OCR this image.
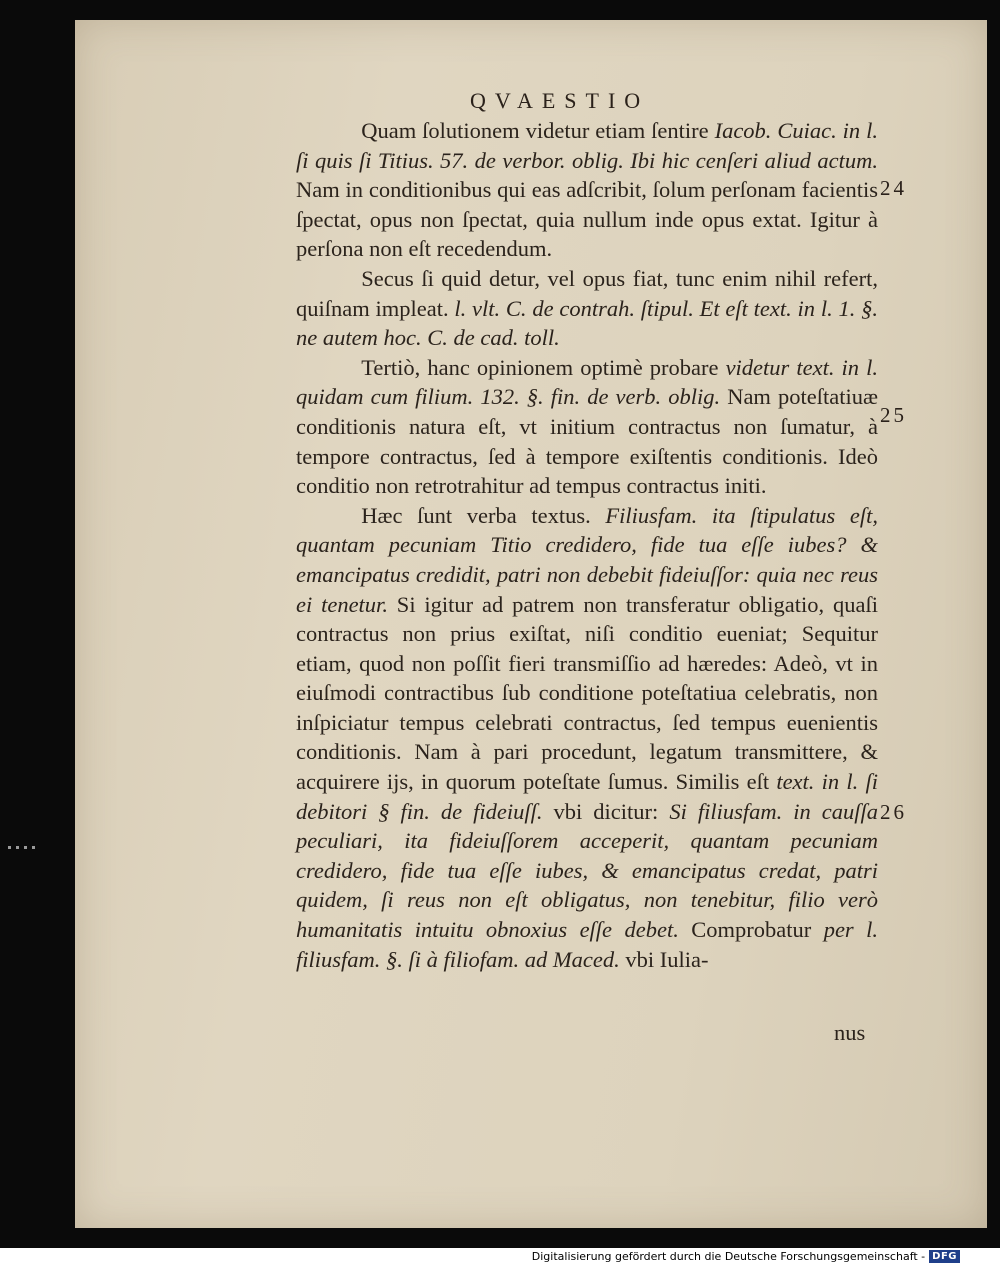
QVAESTIO

Quam ſolutionem videtur etiam ſentire Iacob. Cuiac. in l. ſi quis ſi Titius. 57. de verbor. oblig. Ibi hic cenſeri aliud actum. Nam in conditionibus qui eas adſcribit, ſolum perſonam facientis ſpectat, opus non ſpectat, quia nullum inde opus extat. Igitur à perſona non eſt recedendum.

Secus ſi quid detur, vel opus fiat, tunc enim nihil refert, quiſnam impleat. l. vlt. C. de contrah. ſtipul. Et eſt text. in l. 1. §. ne autem hoc. C. de cad. toll.

Tertiò, hanc opinionem optimè probare videtur text. in l. quidam cum filium. 132. §. fin. de verb. oblig. Nam poteſtatiuæ conditionis natura eſt, vt initium contractus non ſumatur, à tempore contractus, ſed à tempore exiſtentis conditionis. Ideò conditio non retrotrahitur ad tempus contractus initi.

Hæc ſunt verba textus. Filiusfam. ita ſtipulatus eſt, quantam pecuniam Titio credidero, fide tua eſſe iubes? & emancipatus credidit, patri non debebit fideiuſſor: quia nec reus ei tenetur. Si igitur ad patrem non transferatur obligatio, quaſi contractus non prius exiſtat, niſi conditio eueniat; Sequitur etiam, quod non poſſit fieri transmiſſio ad hæredes: Adeò, vt in eiuſmodi contractibus ſub conditione poteſtatiua celebratis, non inſpiciatur tempus celebrati contractus, ſed tempus euenientis conditionis. Nam à pari procedunt, legatum transmittere, & acquirere ijs, in quorum poteſtate ſumus. Similis eſt text. in l. ſi debitori § fin. de fideiuſſ. vbi dicitur: Si filiusfam. in cauſſa peculiari, ita fideiuſſorem acceperit, quantam pecuniam credidero, fide tua eſſe iubes, & emancipatus credat, patri quidem, ſi reus non eſt obligatus, non tenebitur, filio verò humanitatis intuitu obnoxius eſſe debet. Comprobatur per l. filiusfam. §. ſi à filiofam. ad Maced. vbi Iulia-

24
25
26
nus
Digitalisierung gefördert durch die Deutsche Forschungsgemeinschaft - DFG
